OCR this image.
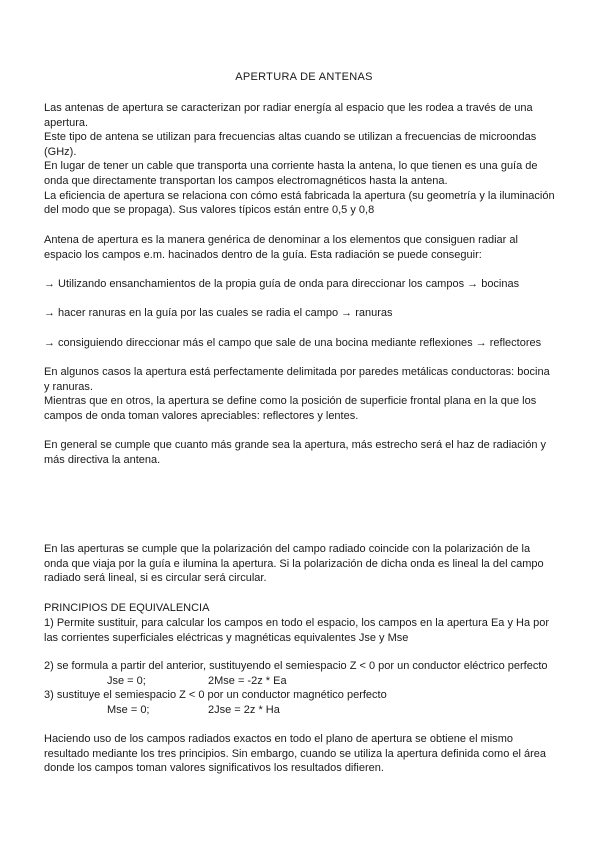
APERTURA DE ANTENAS
Las antenas de apertura se caracterizan por radiar energía al espacio que les rodea a través de una
apertura.
Este tipo de antena se utilizan para frecuencias altas cuando se utilizan a frecuencias de microondas
(GHz).
En lugar de tener un cable que transporta una corriente hasta la antena, lo que tienen es una guía de
onda que directamente transportan los campos electromagnéticos hasta la antena.
La eficiencia de apertura se relaciona con cómo está fabricada la apertura (su geometría y la iluminación
del modo que se propaga). Sus valores típicos están entre 0,5 y 0,8
Antena de apertura es la manera genérica de denominar a los elementos que consiguen radiar al
espacio los campos e.m. hacinados dentro de la guía. Esta radiación se puede conseguir:
→ Utilizando ensanchamientos de la propia guía de onda para direccionar los campos → bocinas
→ hacer ranuras en la guía por las cuales se radia el campo → ranuras
→ consiguiendo direccionar más el campo que sale de una bocina mediante reflexiones → reflectores
En algunos casos la apertura está perfectamente delimitada por paredes metálicas conductoras: bocina
y ranuras.
Mientras que en otros, la apertura se define como la posición de superficie frontal plana en la que los
campos de onda toman valores apreciables: reflectores y lentes.
En general se cumple que cuanto más grande sea la apertura, más estrecho será el haz de radiación y
más directiva la antena.
En las aperturas se cumple que la polarización del campo radiado coincide con la polarización de la
onda que viaja por la guía e ilumina la apertura. Si la polarización de dicha onda es lineal la del campo
radiado será lineal, si es circular será circular.
PRINCIPIOS DE EQUIVALENCIA
1) Permite sustituir, para calcular los campos en todo el espacio, los campos en la apertura Ea y Ha por
las corrientes superficiales eléctricas y magnéticas equivalentes Jse y Mse
2) se formula a partir del anterior, sustituyendo el semiespacio Z < 0 por un conductor eléctrico perfecto
Jse = 0;	2Mse = -2z * Ea
3) sustituye el semiespacio Z < 0 por un conductor magnético perfecto
Mse = 0;	2Jse = 2z * Ha
Haciendo uso de los campos radiados exactos en todo el plano de apertura se obtiene el mismo
resultado mediante los tres principios. Sin embargo, cuando se utiliza la apertura definida como el área
donde los campos toman valores significativos los resultados difieren.
